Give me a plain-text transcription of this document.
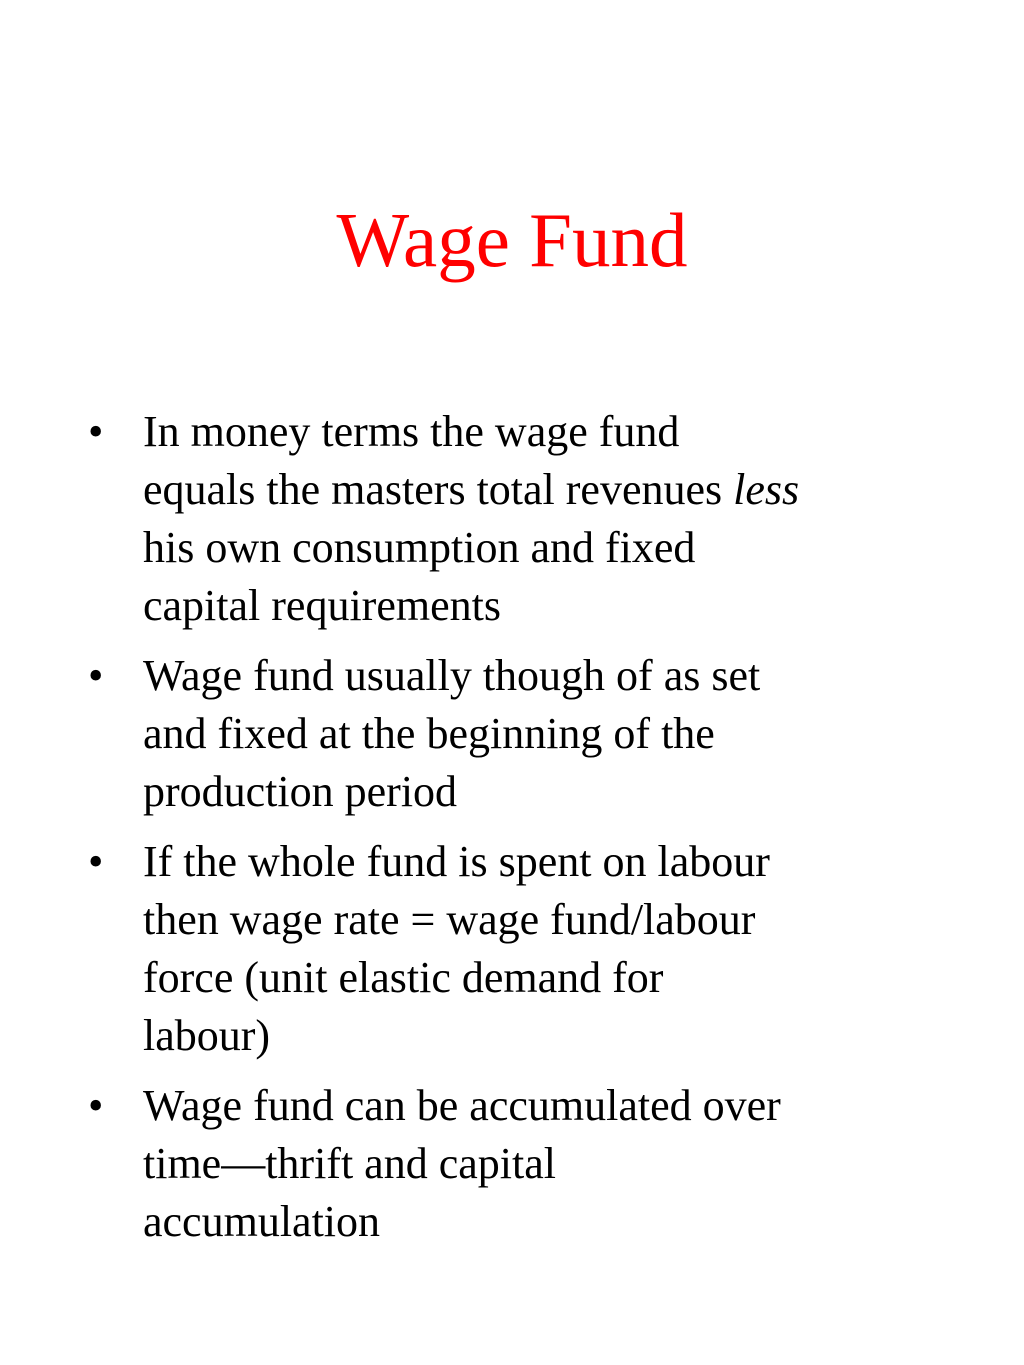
Wage Fund
• In money terms the wage fund
equals the masters total revenues less
his own consumption and fixed
capital requirements
• Wage fund usually though of as set
and fixed at the beginning of the
production period
• If the whole fund is spent on labour
then wage rate = wage fund/labour
force (unit elastic demand for
labour)
• Wage fund can be accumulated over
time—thrift and capital
accumulation
